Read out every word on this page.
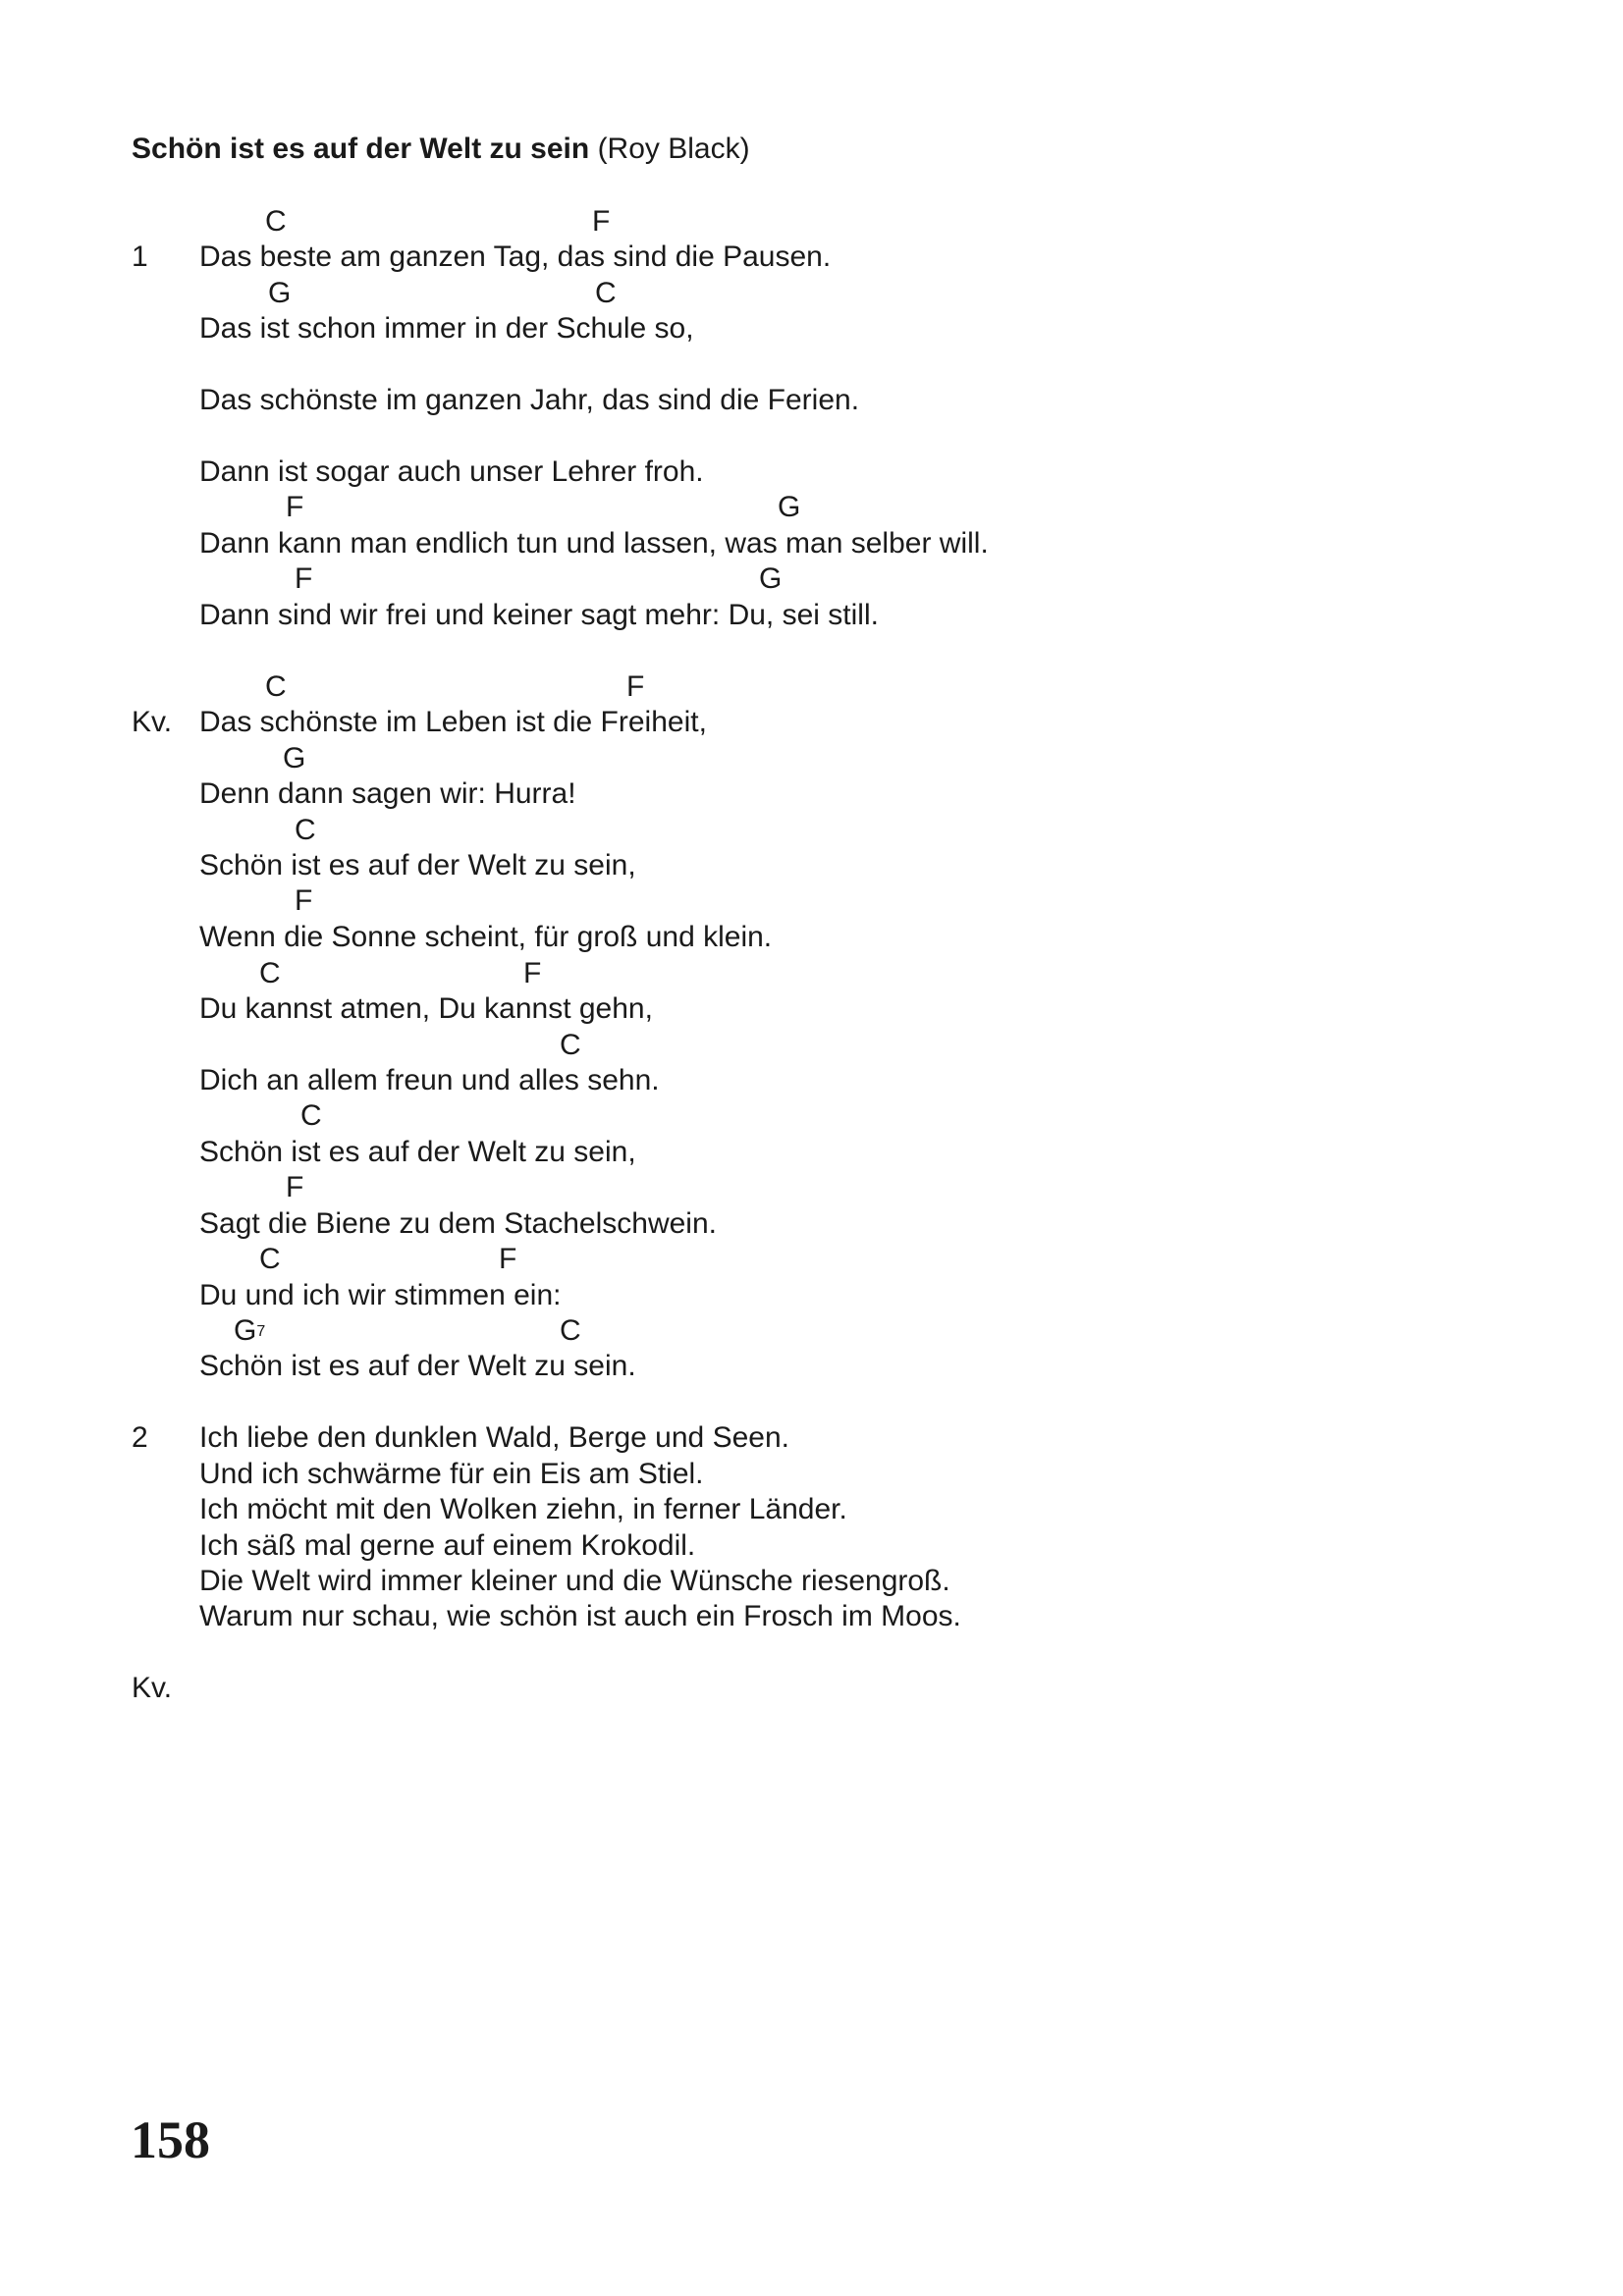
Schön ist es auf der Welt zu sein (Roy Black)
C	F
1 Das beste am ganzen Tag, das sind die Pausen.

G	C

Das ist schon immer in der Schule so,

Das schönste im ganzen Jahr, das sind die Ferien.

Dann ist sogar auch unser Lehrer froh.

F	G

Dann kann man endlich tun und lassen, was man selber will.

F	G

Dann sind wir frei und keiner sagt mehr: Du, sei still.

C	F
Kv. Das schönste im Leben ist die Freiheit,

G

Denn dann sagen wir: Hurra!

C

Schön ist es auf der Welt zu sein,

F

Wenn die Sonne scheint, für groß und klein.

C	F

Du kannst atmen, Du kannst gehn,

C

Dich an allem freun und alles sehn.

C

Schön ist es auf der Welt zu sein,

F

Sagt die Biene zu dem Stachelschwein.

C	F

Du und ich wir stimmen ein:

$G^7$	C

Schön ist es auf der Welt zu sein.

2 Ich liebe den dunklen Wald, Berge und Seen.

Und ich schwärme für ein Eis am Stiel.

Ich möcht mit den Wolken ziehn, in ferner Länder.

Ich säß mal gerne auf einem Krokodil.

Die Welt wird immer kleiner und die Wünsche riesengroß.

Warum nur schau, wie schön ist auch ein Frosch im Moos.

Kv.
158
